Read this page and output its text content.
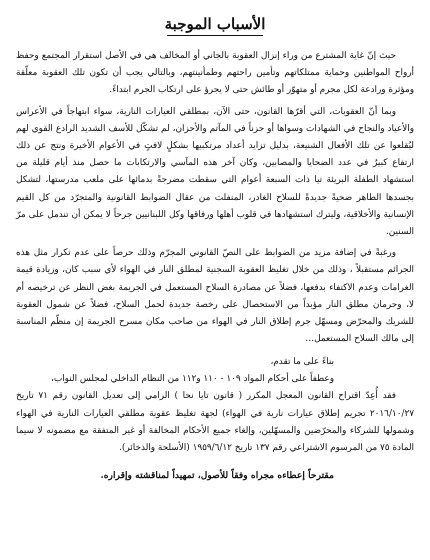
الأسباب الموجبة

حيث إنّ غاية المشترع من وراء إنزال العقوبة بالجاني أو المخالف هي في الأصل استقرار المجتمع وحفظ أرواح المواطنين وحماية ممتلكاتهم وتأمين راحتهم وطمأنينتهم، وبالتالي يجب أن تكون تلك العقوبة معلّقة ومؤثرة ورادعة لكل مجرم أو متهوّر أو طائش حتى لا يجرؤ على ارتكاب الجرم ابتداءً.

وبما أنّ العقوبات، التي أقرّها القانون، حتى الآن، بمطلقي العيارات النارية، سواء ابتهاجاً في الأعراس والأعياد والنجاح في الشهادات وسواها أو حزناً في المآتم والأحزان، لم تشكّل للأسف الشديد الرادع القوي لهم ليُقلعوا عن تلك الأفعال الشنيعة، بدليل تزايد أعداد مرتكبيها بشكلٍ لافتٍ في الأعوام الأخيرة ونتج عن ذلك ارتفاع كبيرٌ في عدد الضحايا والمصابين، وكان آخر هذه المآسي والارتكابات ما حصل منذ أيام قليلة من استشهاد الطفلة البريئة تيا ذات السبعة أعوام التي سقطت مضرجةً بدمائها على ملعب مدرستها، لتشكل بجسدها الطاهر ضحيةً جديدةً للسلاح الغادر، المنفلت من عقال الضوابط القانونية والمتجرّد من كل القيم الإنسانية والأخلاقية، وليترك استشهادها في قلوب أهلها ورفاقها وكل اللبنانيين جرحاً لا يمكن أن تندمل على مرّ السنين.

ورغبةً في إضافة مزيد من الضوابط على النصّ القانوني المجرّم وذلك حرصاً على عدم تكرار مثل هذه الجرائم مستقبلاً ، وذلك من خلال تغليظ العقوبة السجنية لمطلق النار في الهواء لأي سبب كان، وزيادة قيمة الغرامات وعدم الاكتفاء بدفعها، فضلاً عن مصادرة السلاح المستعمل في الجريمة بغض النظر عن ترخيصه أم لا، وحرمان مطلق النار مؤبداً من الاستحصال على رخصة جديدة لحمل السلاح، فضلاً عن شمول العقوبة للشريك والمحرّض ومسهّل جرم إطلاق النار في الهواء من صاحب مكان مسرح الجريمة إن منظّم المناسبة إلى مالك السلاح المستعمل…

بناءً على ما تقدم،
وعطفاً على أحكام المواد ١٠٩ - ١١٠ و١١٢ من النظام الداخلي لمجلس النواب،

فقد أُعِدّ اقتراح القانون المعجل المكرر ( قانون تايا نحا ) الرامي إلى تعديل القانون رقم ٧١ تاريخ ٢٠١٦/١٠/٢٧ تجريم إطلاق عيارات نارية في الهواء) لجهة تغليظ عقوبة مطلقي العيارات النارية في الهواء وشمولها للشركاء والمحرّضين والمسهّلين، وإلغاء جميع الأحكام المخالفة أو غير المتفقة مع مضمونه لا سيما المادة ٧٥ من المرسوم الاشتراعي رقم ١٣٧ تاريخ ١٩٥٩/٦/١٢ (الأسلحة والذخائر).

مقترحاً إعطاءه مجراه وفقاً للأصول، تمهيداً لمناقشته وإقراره.
